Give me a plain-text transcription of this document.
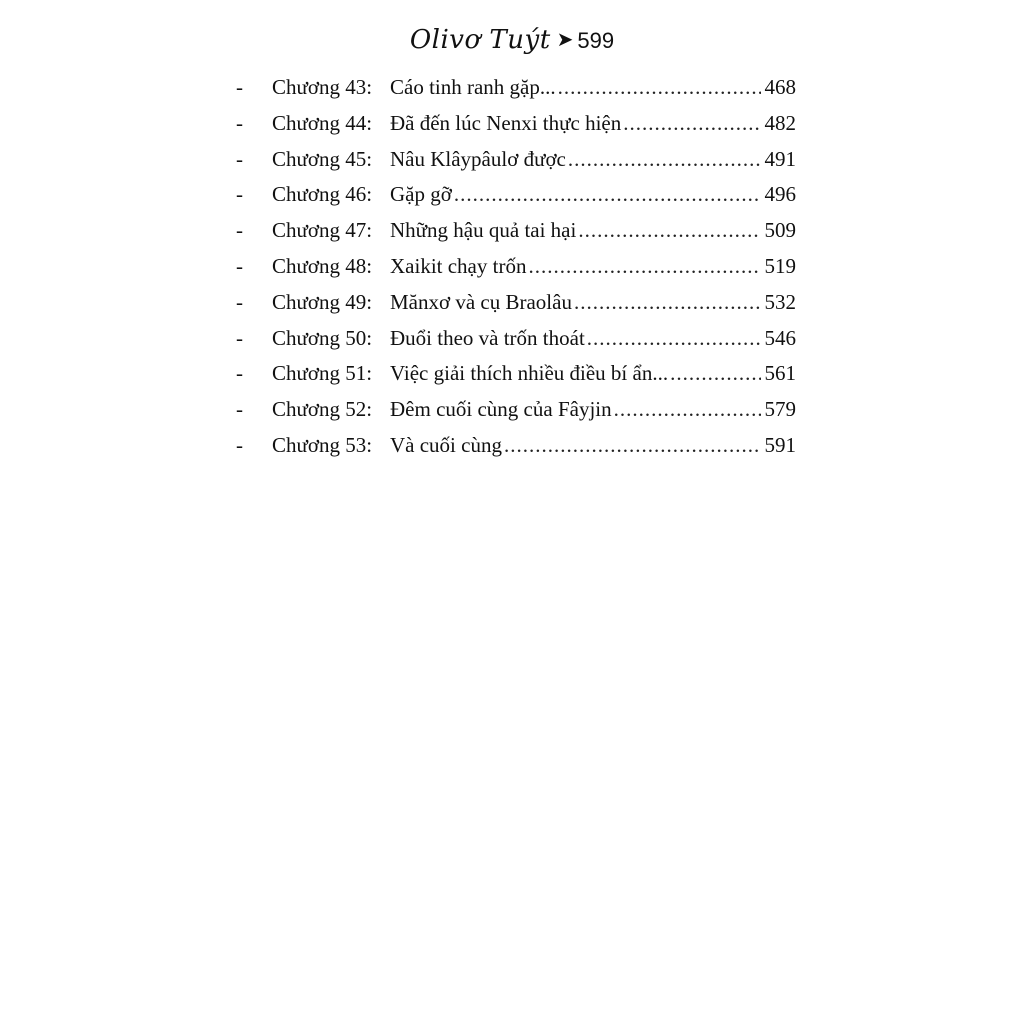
Olivơ Tuýt ➤ 599
-	Chương 43: Cáo tinh ranh gặp... .....	468
-	Chương 44: Đã đến lúc Nenxi thực hiện .....	482
-	Chương 45: Nâu Klâypâulơ được .....	491
-	Chương 46: Gặp gỡ .....	496
-	Chương 47: Những hậu quả tai hại .....	509
-	Chương 48: Xaikit chạy trốn .....	519
-	Chương 49: Mănxơ và cụ Braolâu .....	532
-	Chương 50: Đuổi theo và trốn thoát .....	546
-	Chương 51: Việc giải thích nhiều điều bí ẩn... .....	561
-	Chương 52: Đêm cuối cùng của Fâyjin .....	579
-	Chương 53: Và cuối cùng .....	591
